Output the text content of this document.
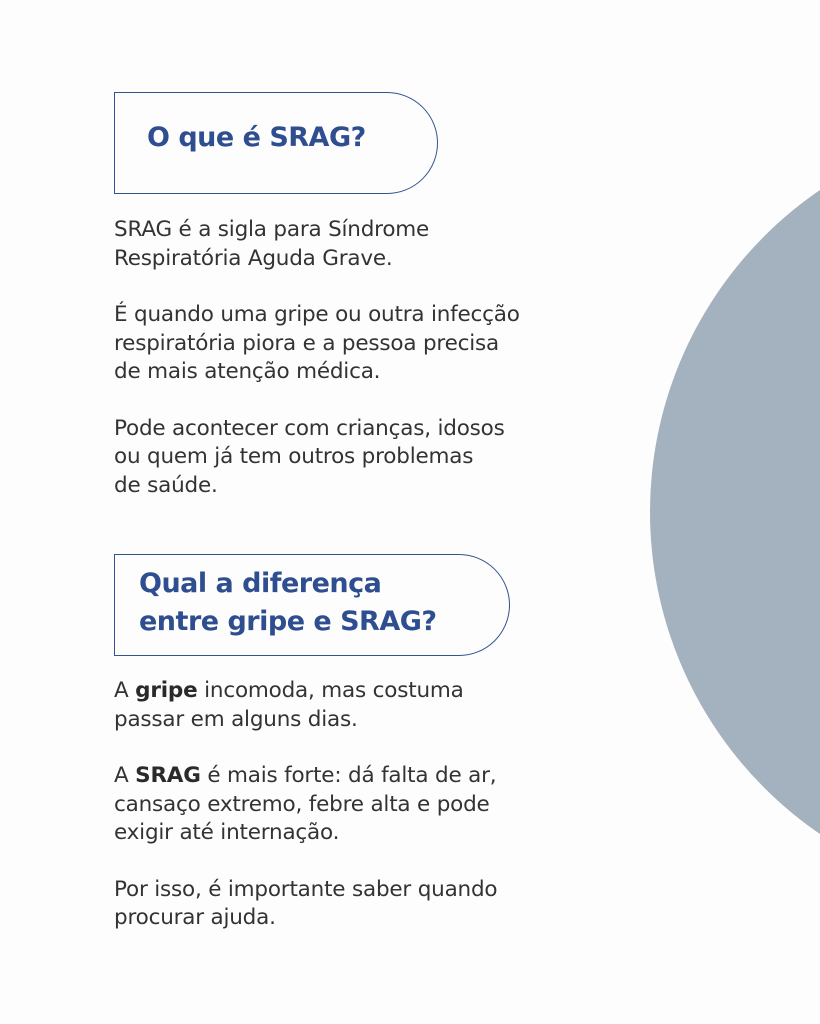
O que é SRAG?

SRAG é a sigla para Síndrome
Respiratória Aguda Grave.

É quando uma gripe ou outra infecção
respiratória piora e a pessoa precisa
de mais atenção médica.

Pode acontecer com crianças, idosos
ou quem já tem outros problemas
de saúde.

Qual a diferença
entre gripe e SRAG?

A gripe incomoda, mas costuma
passar em alguns dias.

A SRAG é mais forte: dá falta de ar,
cansaço extremo, febre alta e pode
exigir até internação.

Por isso, é importante saber quando
procurar ajuda.
